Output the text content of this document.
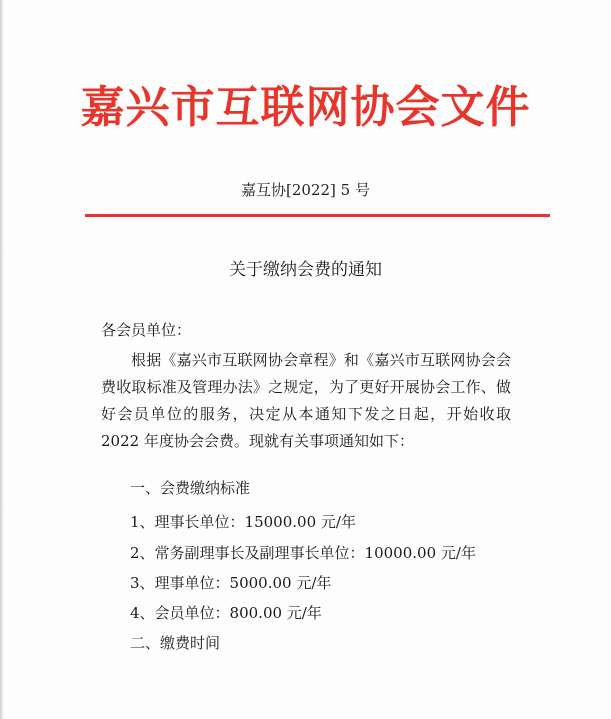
嘉兴市互联网协会文件
嘉互协[2022] 5 号
关于缴纳会费的通知
各会员单位：
根据《嘉兴市互联网协会章程》和《嘉兴市互联网协会会费收取标准及管理办法》之规定，为了更好开展协会工作、做好会员单位的服务，决定从本通知下发之日起，开始收取 2022 年度协会会费。现就有关事项通知如下：
一、会费缴纳标准
1、理事长单位：15000.00 元/年
2、常务副理事长及副理事长单位：10000.00 元/年
3、理事单位：5000.00 元/年
4、会员单位：800.00 元/年
二、缴费时间
